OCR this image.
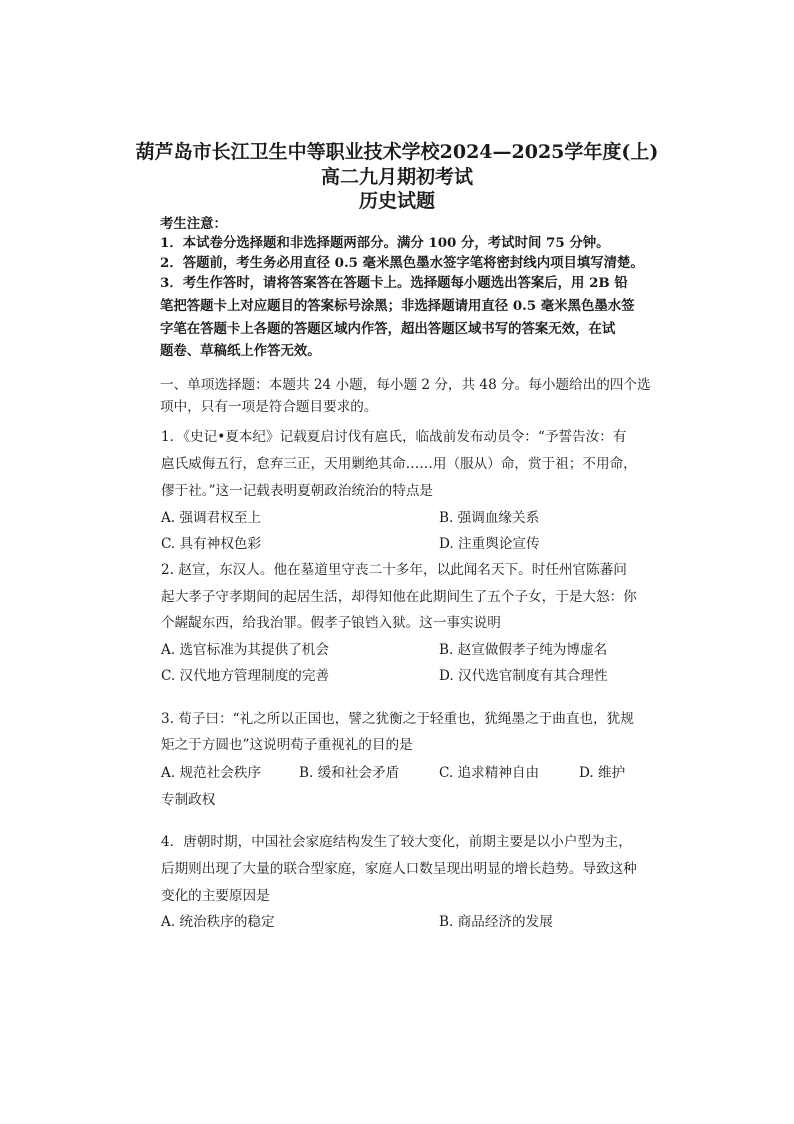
葫芦岛市长江卫生中等职业技术学校2024—2025学年度(上)
高二九月期初考试
历史试题
考生注意：
1．本试卷分选择题和非选择题两部分。满分 100 分，考试时间 75 分钟。
2．答题前，考生务必用直径 0.5 毫米黑色墨水签字笔将密封线内项目填写清楚。
3．考生作答时，请将答案答在答题卡上。选择题每小题选出答案后，用 2B 铅
笔把答题卡上对应题目的答案标号涂黑；非选择题请用直径 0.5 毫米黑色墨水签
字笔在答题卡上各题的答题区域内作答，超出答题区域书写的答案无效，在试
题卷、草稿纸上作答无效。
一、单项选择题：本题共 24 小题，每小题 2 分，共 48 分。每小题给出的四个选
项中，只有一项是符合题目要求的。
1．《史记•夏本纪》记载夏启讨伐有扈氏，临战前发布动员令：“予誓告汝：有
扈氏威侮五行，怠弃三正，天用剿绝其命……用（服从）命，赏于祖；不用命，
僇于社。”这一记载表明夏朝政治统治的特点是
A. 强调君权至上	B. 强调血缘关系
C. 具有神权色彩	D. 注重舆论宣传
2. 赵宣，东汉人。他在墓道里守丧二十多年，以此闻名天下。时任州官陈蕃问
起大孝子守孝期间的起居生活，却得知他在此期间生了五个子女，于是大怒：你
个龌龊东西，给我治罪。假孝子锒铛入狱。这一事实说明
A. 选官标准为其提供了机会	B. 赵宣做假孝子纯为博虚名
C. 汉代地方管理制度的完善	D. 汉代选官制度有其合理性
3. 荀子曰：“礼之所以正国也，譬之犹衡之于轻重也，犹绳墨之于曲直也，犹规
矩之于方圆也”这说明荀子重视礼的目的是
A. 规范社会秩序	B. 缓和社会矛盾	C. 追求精神自由	D. 维护
专制政权
4．唐朝时期，中国社会家庭结构发生了较大变化，前期主要是以小户型为主，
后期则出现了大量的联合型家庭，家庭人口数呈现出明显的增长趋势。导致这种
变化的主要原因是
A. 统治秩序的稳定	B. 商品经济的发展
